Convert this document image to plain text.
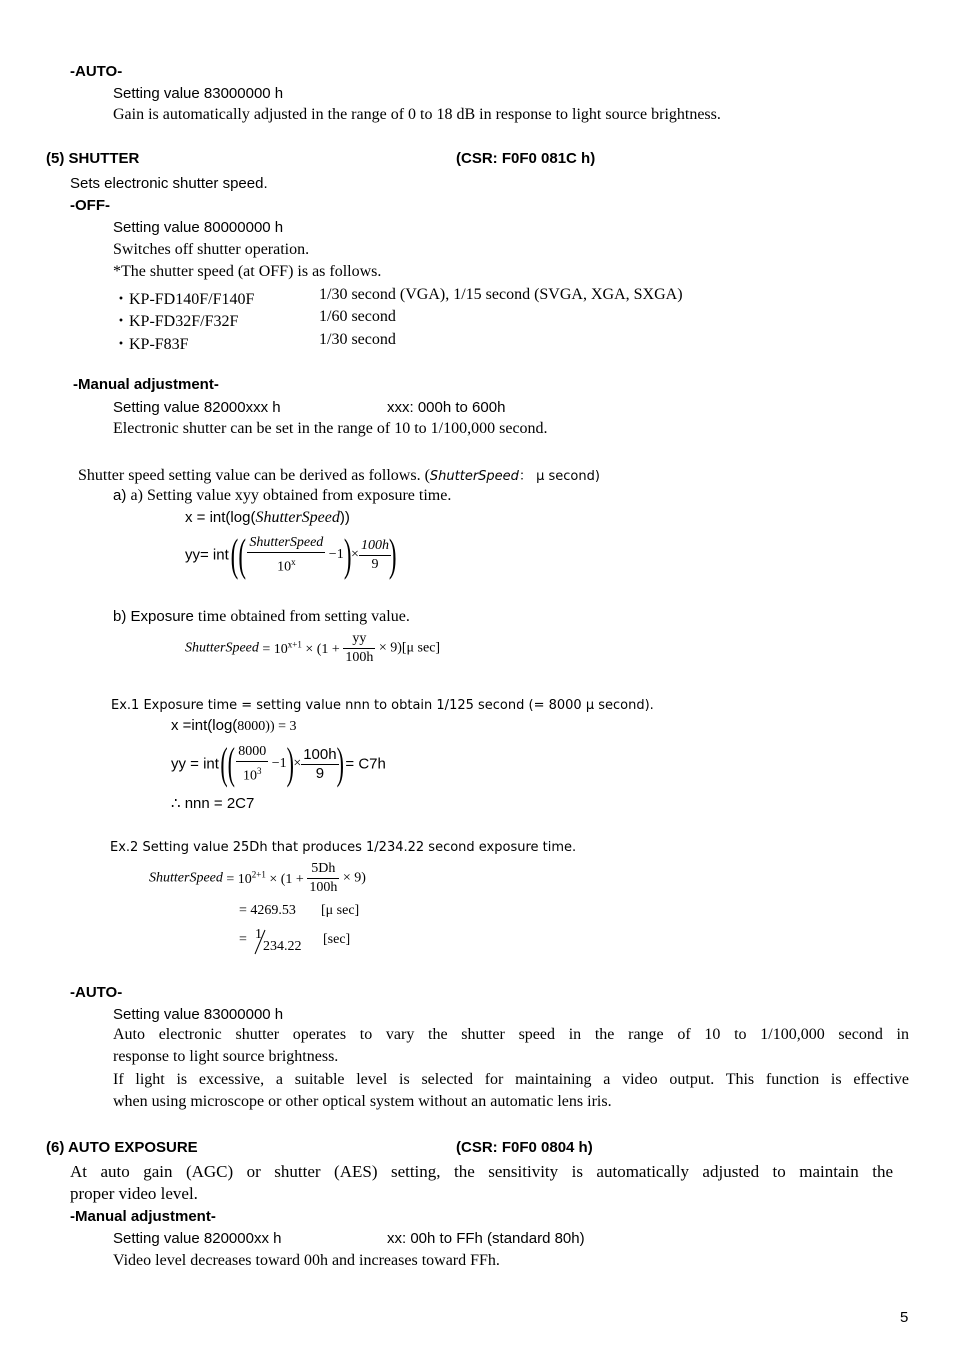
-AUTO-
Setting value 83000000 h
Gain is automatically adjusted in the range of 0 to 18 dB in response to light source brightness.
(5) SHUTTER	(CSR: F0F0 081C h)
Sets electronic shutter speed.
-OFF-
Setting value 80000000 h
Switches off shutter operation.
*The shutter speed (at OFF) is as follows.
・KP-FD140F/F140F	1/30 second (VGA), 1/15 second (SVGA, XGA, SXGA)
・KP-FD32F/F32F	1/60 second
・KP-F83F	1/30 second
-Manual adjustment-
Setting value 82000xxx h	xxx: 000h to 600h
Electronic shutter can be set in the range of 10 to 1/100,000 second.
Shutter speed setting value can be derived as follows. (ShutterSpeed： μ second)
a) a) Setting value xyy obtained from exposure time.
x = int(log(ShutterSpeed))
$yy= int(( \frac{\text{ShutterSpeed}}{10^x} -1)\times \frac{100h}{9}$
)
b) Exposure time obtained from setting value.
ShutterSpeed = $10^{x+1} \times (1 + \frac{yy}{100h} \times 9)[\mu$ sec]
Ex.1 Exposure time = setting value nnn to obtain 1/125 second (= 8000 μ second).
x =int(log(8000)) = 3
yy = $int(( \frac{8000}{10^3} -1)\times \frac{100h}{9}$
) = C7h
∴ nnn = 2C7
Ex.2 Setting value 25Dh that produces 1/234.22 second exposure time.
ShutterSpeed = $10^{2+1} \times (1 + \frac{5Dh}{100h} \times 9)$
= 4269.53 [μ sec]
= 1
234.22 [sec]
-AUTO-
Setting value 83000000 h
Auto electronic shutter operates to vary the shutter speed in the range of 10 to 1/100,000 second in
response to light source brightness.
If light is excessive, a suitable level is selected for maintaining a video output. This function is effective
when using microscope or other optical system without an automatic lens iris.
(6) AUTO EXPOSURE	(CSR: F0F0 0804 h)
At auto gain (AGC) or shutter (AES) setting, the sensitivity is automatically adjusted to maintain the
proper video level.
-Manual adjustment-
Setting value 820000xx h	xx: 00h to FFh (standard 80h)
Video level decreases toward 00h and increases toward FFh.
5
